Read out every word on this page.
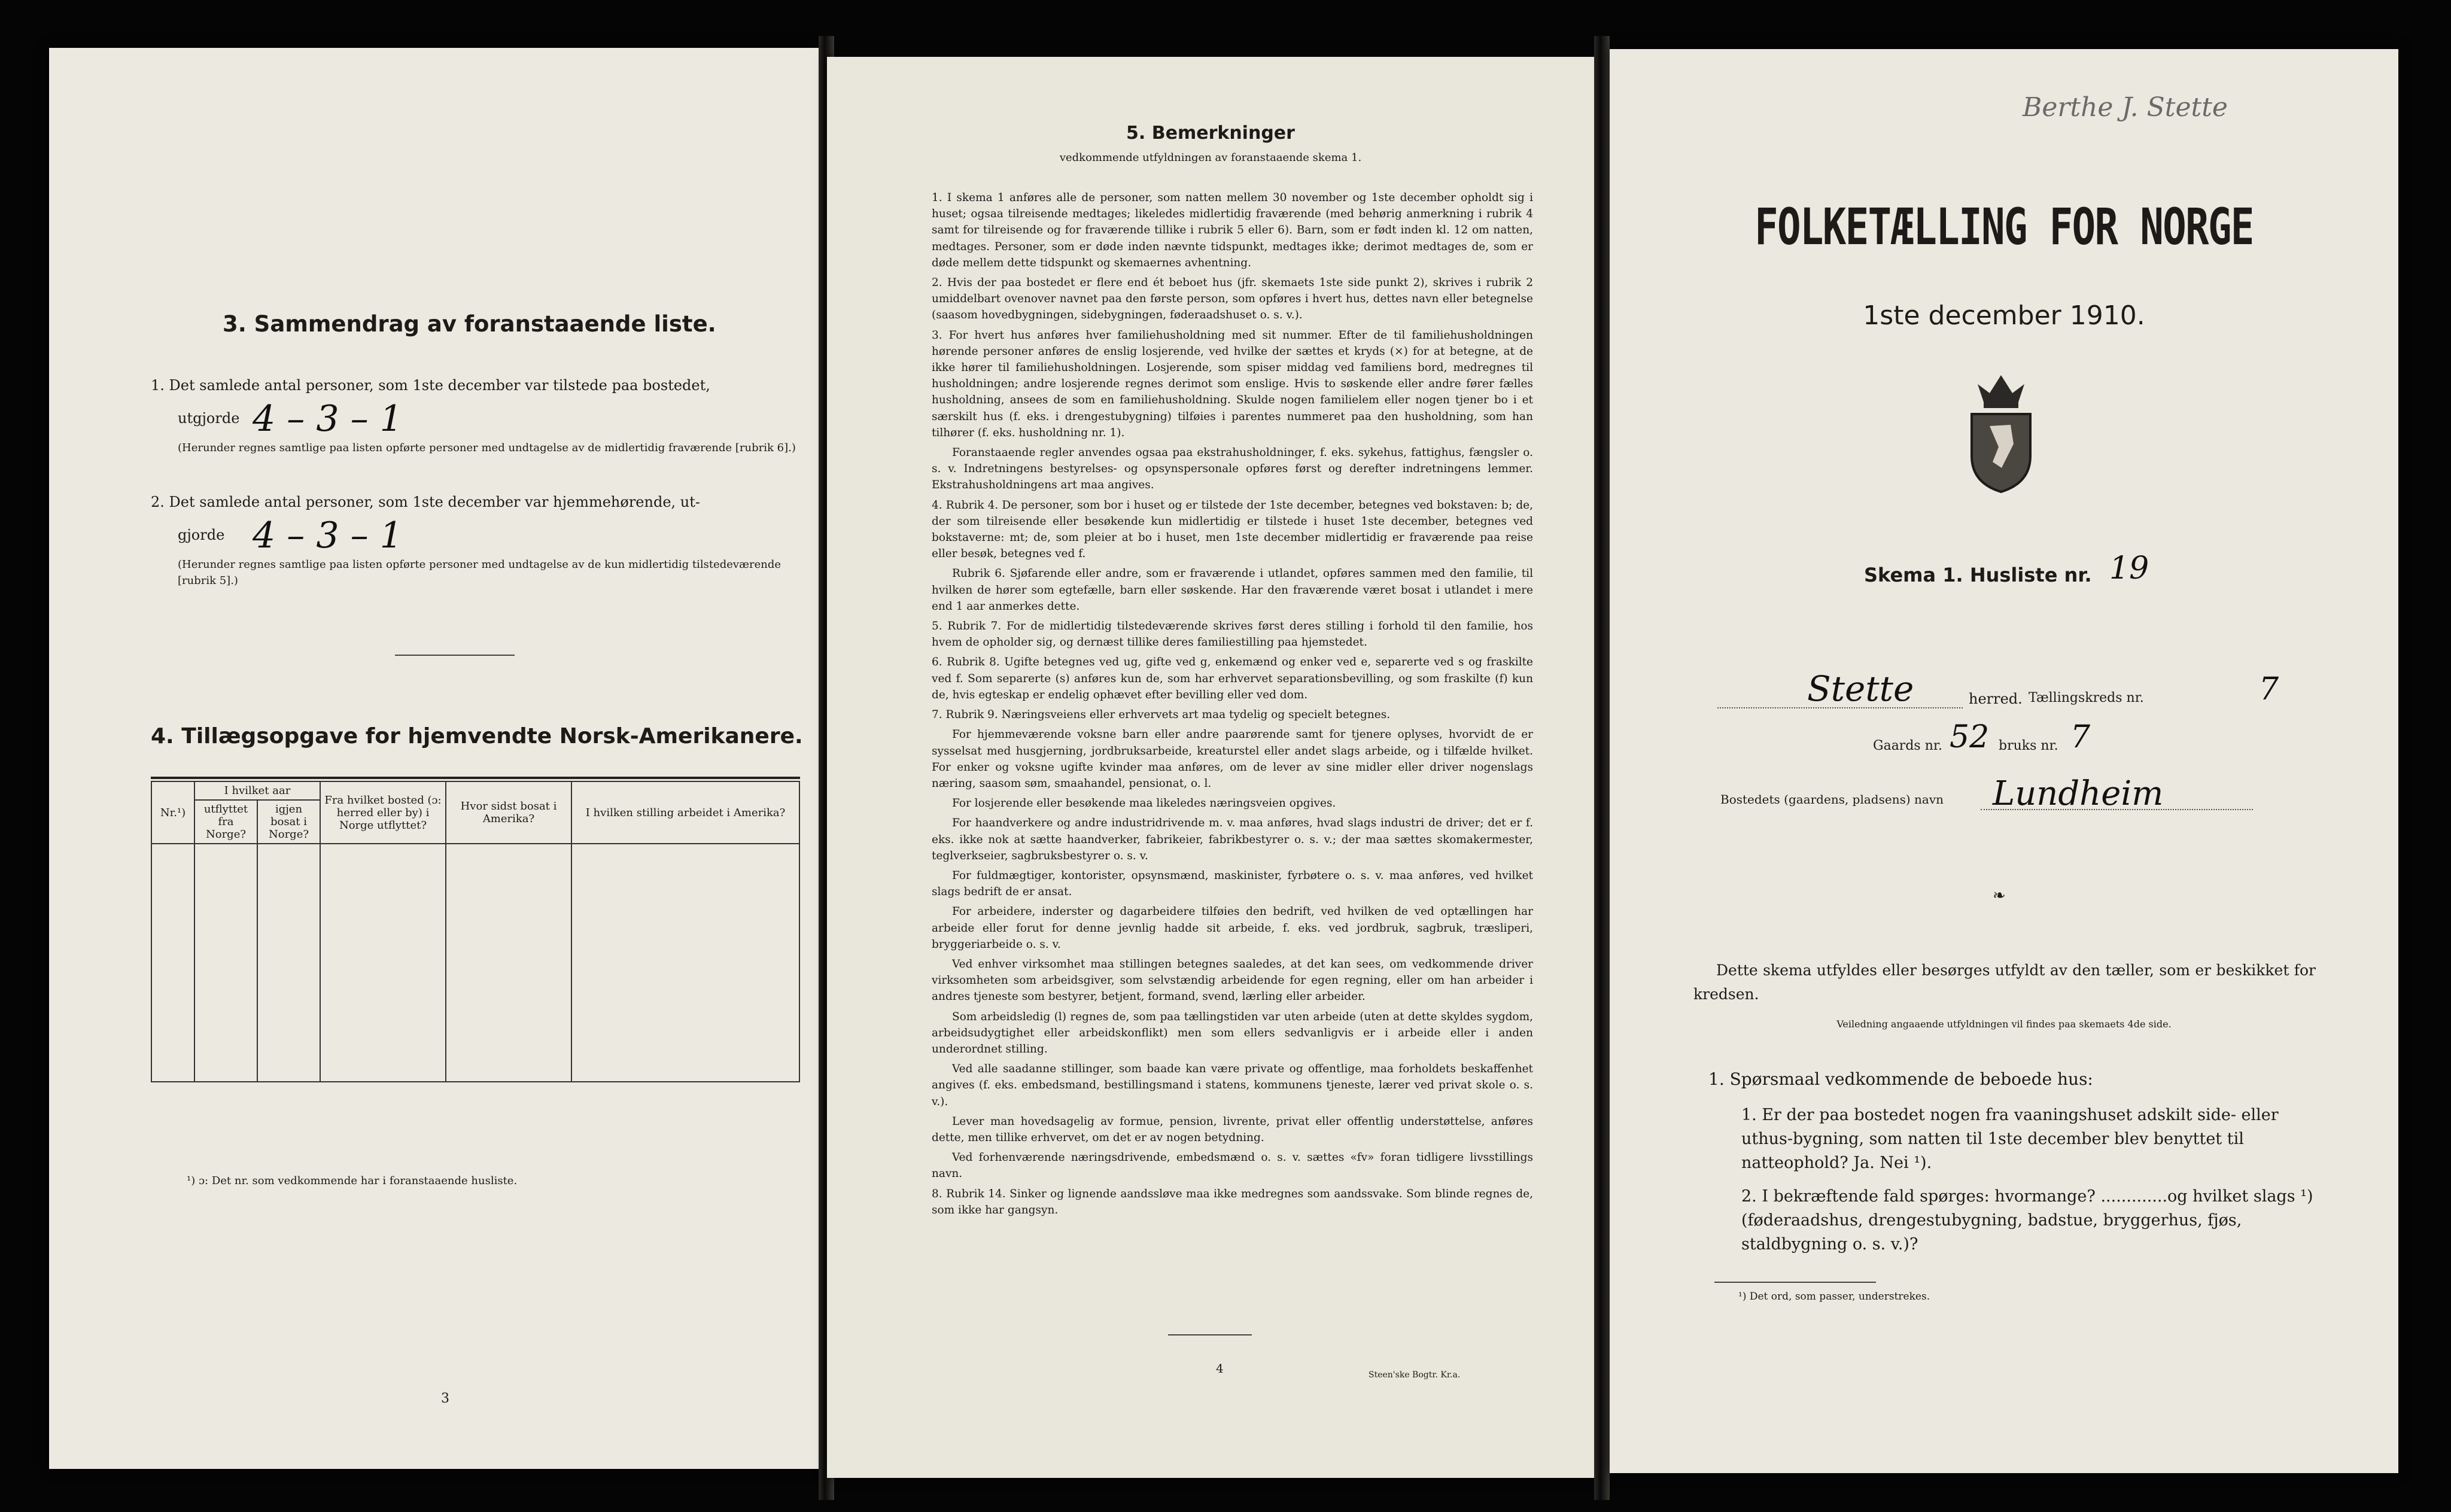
3. Sammendrag av foranstaaende liste.
1. Det samlede antal personer, som 1ste december var tilstede paa bostedet,
utgjorde 4 – 3 – 1
(Herunder regnes samtlige paa listen opførte personer med undtagelse av de midlertidig fraværende [rubrik 6].)
2. Det samlede antal personer, som 1ste december var hjemmehørende, ut-
gjorde 4 – 3 – 1
(Herunder regnes samtlige paa listen opførte personer med undtagelse av de kun midlertidig tilstedeværende [rubrik 5].)
4. Tillægsopgave for hjemvendte Norsk-Amerikanere.
Nr.¹)	I hvilket aar		Fra hvilket bosted (ɔ: herred eller by) i Norge utflyttet?	Hvor sidst bosat i Amerika?	I hvilken stilling arbeidet i Amerika?
	utflyttet fra Norge?	igjen bosat i Norge?			

¹) ɔ: Det nr. som vedkommende har i foranstaaende husliste.
3
5. Bemerkninger
vedkommende utfyldningen av foranstaaende skema 1.
1. I skema 1 anføres alle de personer, som natten mellem 30 november og 1ste december opholdt sig i huset; ogsaa tilreisende medtages; likeledes midlertidig fraværende (med behørig anmerkning i rubrik 4 samt for tilreisende og for fraværende tillike i rubrik 5 eller 6). Barn, som er født inden kl. 12 om natten, medtages. Personer, som er døde inden nævnte tidspunkt, medtages ikke; derimot medtages de, som er døde mellem dette tidspunkt og skemaernes avhentning.
2. Hvis der paa bostedet er flere end ét beboet hus (jfr. skemaets 1ste side punkt 2), skrives i rubrik 2 umiddelbart ovenover navnet paa den første person, som opføres i hvert hus, dettes navn eller betegnelse (saasom hovedbygningen, sidebygningen, føderaadshuset o. s. v.).
3. For hvert hus anføres hver familiehusholdning med sit nummer. Efter de til familiehusholdningen hørende personer anføres de enslig losjerende, ved hvilke der sættes et kryds (×) for at betegne, at de ikke hører til familiehusholdningen. Losjerende, som spiser middag ved familiens bord, medregnes til husholdningen; andre losjerende regnes derimot som enslige. Hvis to søskende eller andre fører fælles husholdning, ansees de som en familiehusholdning. Skulde nogen familielem eller nogen tjener bo i et særskilt hus (f. eks. i drengestubygning) tilføies i parentes nummeret paa den husholdning, som han tilhører (f. eks. husholdning nr. 1).
Foranstaaende regler anvendes ogsaa paa ekstrahusholdninger, f. eks. sykehus, fattighus, fængsler o. s. v. Indretningens bestyrelses- og opsynspersonale opføres først og derefter indretningens lemmer. Ekstrahusholdningens art maa angives.
4. Rubrik 4. De personer, som bor i huset og er tilstede der 1ste december, betegnes ved bokstaven: b; de, der som tilreisende eller besøkende kun midlertidig er tilstede i huset 1ste december, betegnes ved bokstaverne: mt; de, som pleier at bo i huset, men 1ste december midlertidig er fraværende paa reise eller besøk, betegnes ved f.
Rubrik 6. Sjøfarende eller andre, som er fraværende i utlandet, opføres sammen med den familie, til hvilken de hører som egtefælle, barn eller søskende. Har den fraværende været bosat i utlandet i mere end 1 aar anmerkes dette.
5. Rubrik 7. For de midlertidig tilstedeværende skrives først deres stilling i forhold til den familie, hos hvem de opholder sig, og dernæst tillike deres familiestilling paa hjemstedet.
6. Rubrik 8. Ugifte betegnes ved ug, gifte ved g, enkemænd og enker ved e, separerte ved s og fraskilte ved f. Som separerte (s) anføres kun de, som har erhvervet separationsbevilling, og som fraskilte (f) kun de, hvis egteskap er endelig ophævet efter bevilling eller ved dom.
7. Rubrik 9. Næringsveiens eller erhvervets art maa tydelig og specielt betegnes.
For hjemmeværende voksne barn eller andre paarørende samt for tjenere oplyses, hvorvidt de er sysselsat med husgjerning, jordbruksarbeide, kreaturstel eller andet slags arbeide, og i tilfælde hvilket. For enker og voksne ugifte kvinder maa anføres, om de lever av sine midler eller driver nogenslags næring, saasom søm, smaahandel, pensionat, o. l.
For losjerende eller besøkende maa likeledes næringsveien opgives.
For haandverkere og andre industridrivende m. v. maa anføres, hvad slags industri de driver; det er f. eks. ikke nok at sætte haandverker, fabrikeier, fabrikbestyrer o. s. v.; der maa sættes skomakermester, teglverkseier, sagbruksbestyrer o. s. v.
For fuldmægtiger, kontorister, opsynsmænd, maskinister, fyrbøtere o. s. v. maa anføres, ved hvilket slags bedrift de er ansat.
For arbeidere, inderster og dagarbeidere tilføies den bedrift, ved hvilken de ved optællingen har arbeide eller forut for denne jevnlig hadde sit arbeide, f. eks. ved jordbruk, sagbruk, træsliperi, bryggeriarbeide o. s. v.
Ved enhver virksomhet maa stillingen betegnes saaledes, at det kan sees, om vedkommende driver virksomheten som arbeidsgiver, som selvstændig arbeidende for egen regning, eller om han arbeider i andres tjeneste som bestyrer, betjent, formand, svend, lærling eller arbeider.
Som arbeidsledig (l) regnes de, som paa tællingstiden var uten arbeide (uten at dette skyldes sygdom, arbeidsudygtighet eller arbeidskonflikt) men som ellers sedvanligvis er i arbeide eller i anden underordnet stilling.
Ved alle saadanne stillinger, som baade kan være private og offentlige, maa forholdets beskaffenhet angives (f. eks. embedsmand, bestillingsmand i statens, kommunens tjeneste, lærer ved privat skole o. s. v.).
Lever man hovedsagelig av formue, pension, livrente, privat eller offentlig understøttelse, anføres dette, men tillike erhvervet, om det er av nogen betydning.
Ved forhenværende næringsdrivende, embedsmænd o. s. v. sættes «fv» foran tidligere livsstillings navn.
8. Rubrik 14. Sinker og lignende aandssløve maa ikke medregnes som aandssvake. Som blinde regnes de, som ikke har gangsyn.
4	Steen'ske Bogtr. Kr.a.
Berthe J. Stette
FOLKETÆLLING FOR NORGE
1ste december 1910.
Skema 1. Husliste nr. 19
Stette	herred. Tællingskreds nr.	7
Gaards nr. 52 bruks nr. 7
Bostedets (gaardens, pladsens) navn Lundheim
❧
Dette skema utfyldes eller besørges utfyldt av den tæller, som er beskikket for kredsen.
Veiledning angaaende utfyldningen vil findes paa skemaets 4de side.
1. Spørsmaal vedkommende de beboede hus:
1. Er der paa bostedet nogen fra vaaningshuset adskilt side- eller uthus-bygning, som natten til 1ste december blev benyttet til natteophold? Ja. Nei ¹).
2. I bekræftende fald spørges: hvormange? .............og hvilket slags ¹) (føderaadshus, drengestubygning, badstue, bryggerhus, fjøs, staldbygning o. s. v.)?
¹) Det ord, som passer, understrekes.
